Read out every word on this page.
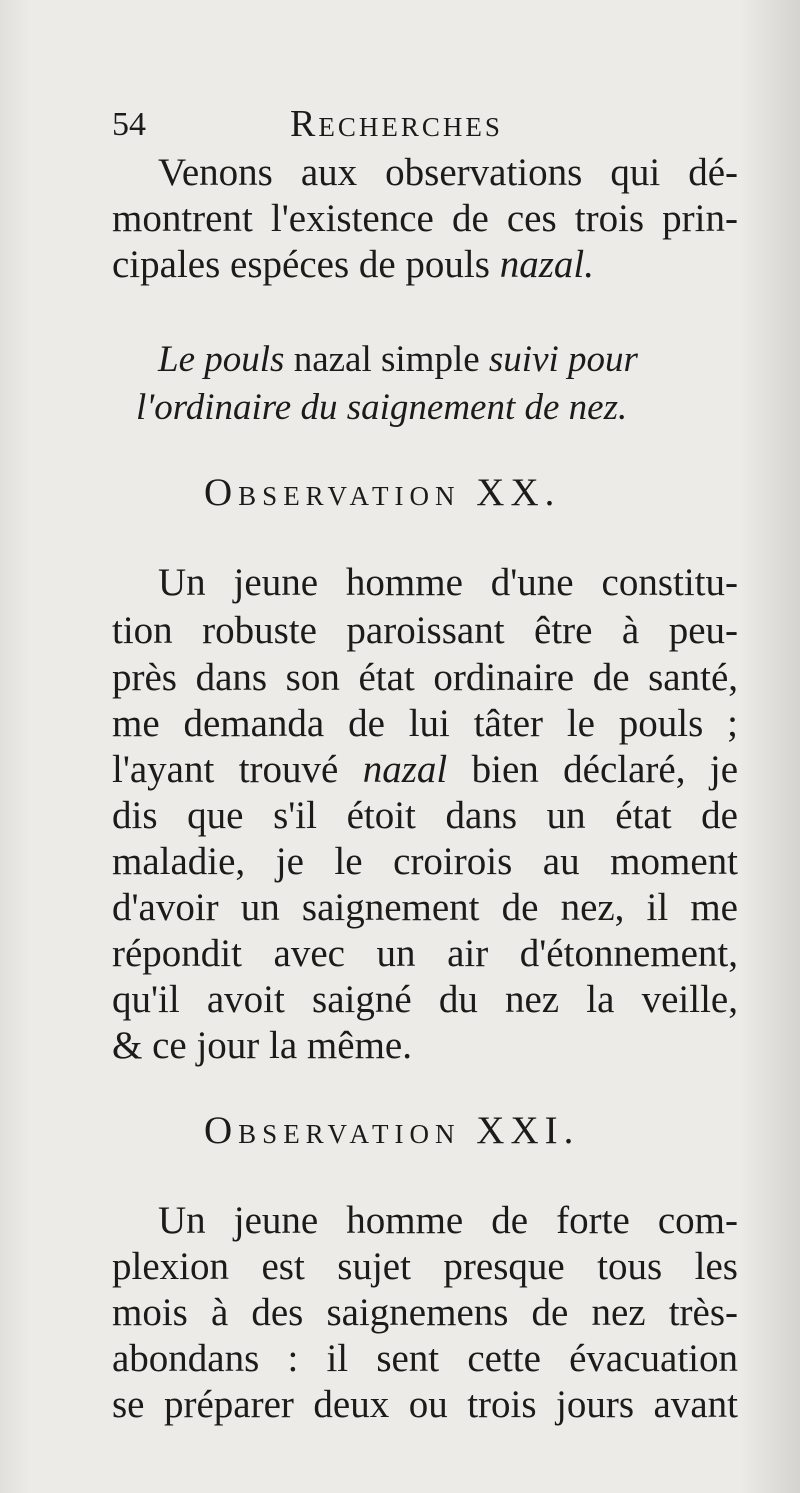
54	Recherches
Venons aux observations qui dé-
montrent l'existence de ces trois prin-
cipales espéces de pouls nazal.
Le pouls nazal simple suivi pour
l'ordinaire du saignement de nez.
Observation XX.
Un jeune homme d'une constitu-
tion robuste paroissant être à peu-
près dans son état ordinaire de santé,
me demanda de lui tâter le pouls ;
l'ayant trouvé nazal bien déclaré, je
dis que s'il étoit dans un état de
maladie, je le croirois au moment
d'avoir un saignement de nez, il me
répondit avec un air d'étonnement,
qu'il avoit saigné du nez la veille,
& ce jour la même.
Observation XXI.
Un jeune homme de forte com-
plexion est sujet presque tous les
mois à des saignemens de nez très-
abondans : il sent cette évacuation
se préparer deux ou trois jours avant
